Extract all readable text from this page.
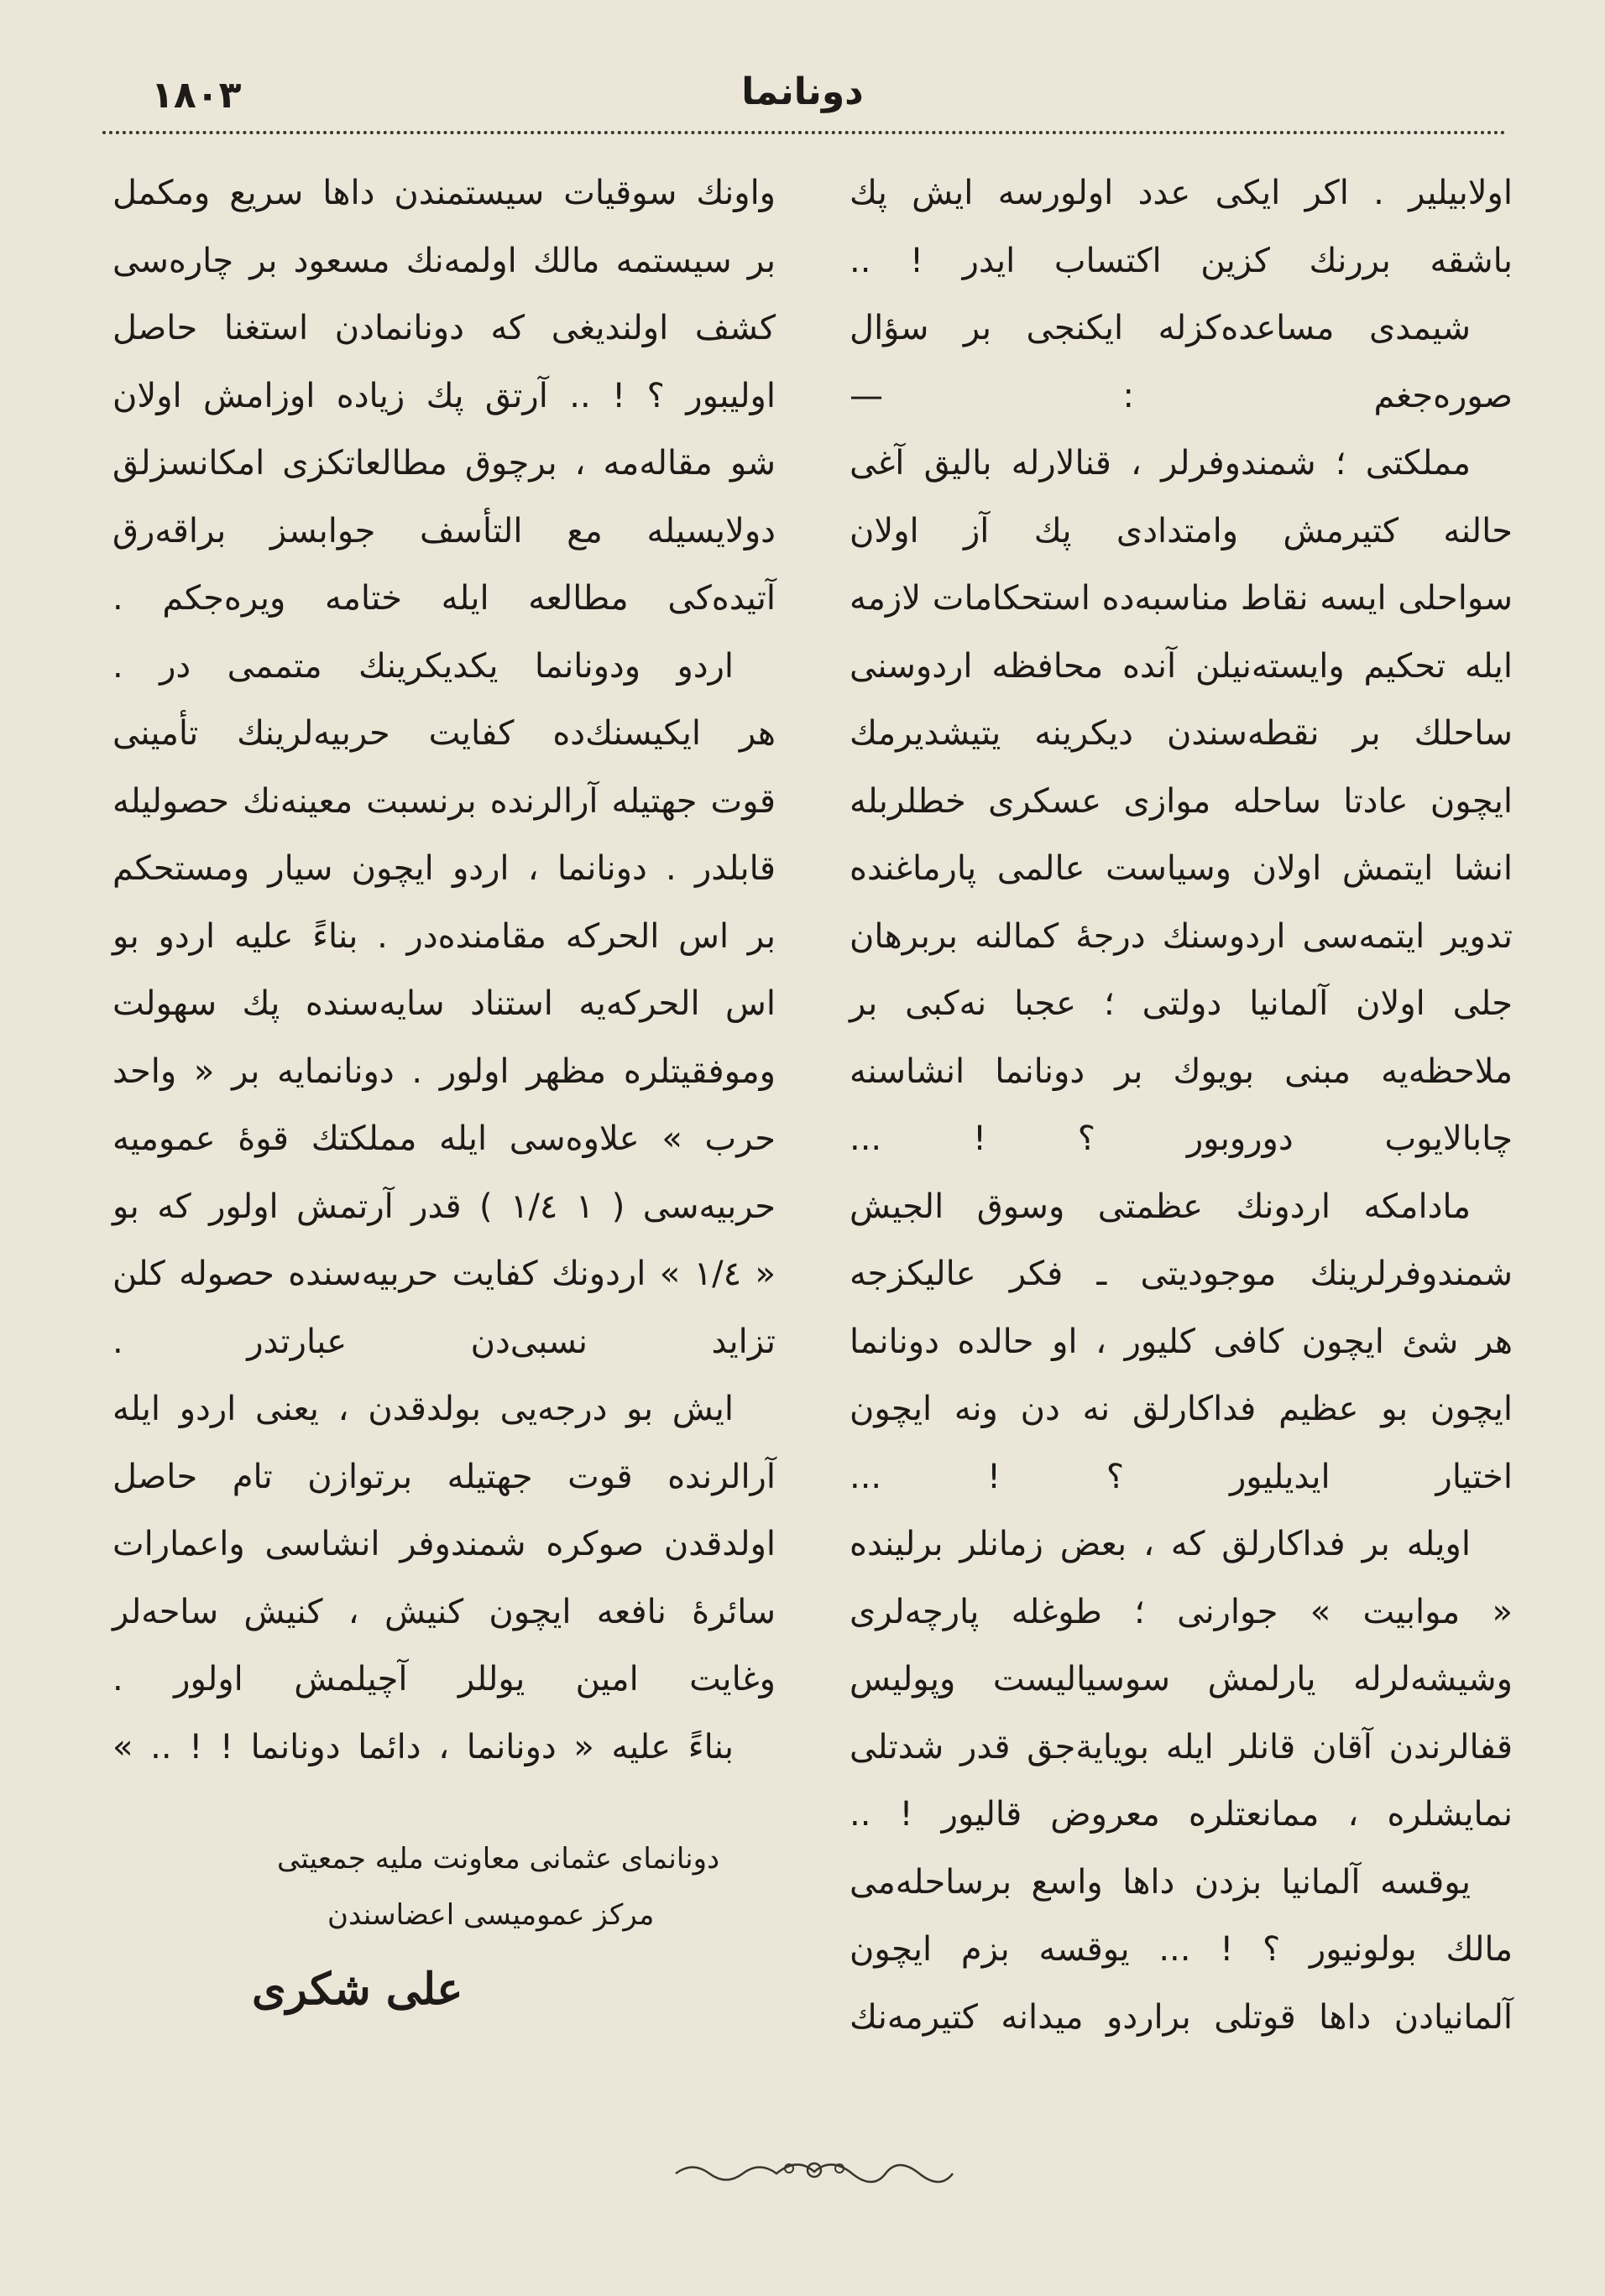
١٨٠٣	دونانما
اولابيلير . اكر ايكى عدد اولورسه ايش پك
باشقه بررنك كزين اكتساب ايدر ! ..
شيمدى مساعده‌كزله ايكنجى بر سؤال
صوره‌جغم : —
مملكتى ؛ شمندوفرلر ، قنالارله باليق آغى
حالنه كتيرمش وامتدادى پك آز اولان
سواحلى ايسه نقاط مناسبه‌ده استحكامات لازمه
ايله تحكيم وايسته‌نيلن آنده محافظه اردوسنى
ساحلك بر نقطه‌سندن ديكرينه يتيشديرمك
ايچون عادتا ساحله موازى عسكرى خطلربله
انشا ايتمش اولان وسياست عالمى پارماغنده
تدوير ايتمه‌سى اردوسنك درجهٔ كمالنه بربرهان
جلى اولان آلمانيا دولتى ؛ عجبا نه‌كبى بر
ملاحظه‌يه مبنى بويوك بر دونانما انشاسنه
چابالايوب دوروبور ؟ ! ...
مادامكه اردونك عظمتى وسوق الجيش
شمندوفرلرينك موجوديتى ـ فكر عاليكزجه
هر شئ ايچون كافى كليور ، او حالده دونانما
ايچون بو عظيم فداكارلق نه دن ونه ايچون
اختيار ايديليور ؟ ! ...
اويله بر فداكارلق كه ، بعض زمانلر برلينده
« موابيت » جوارنى ؛ طوغله پارچه‌لرى
وشيشه‌لرله يارلمش سوسياليست وپوليس
قفالرندن آقان قانلر ايله بوياية‌جق قدر شدتلى
نمايشلره ، ممانعتلره معروض قاليور ! ..
يوقسه آلمانيا بزدن داها واسع برساحله‌مى
مالك بولونيور ؟ ! ... يوقسه بزم ايچون
آلمانيادن داها قوتلى براردو ميدانه كتيرمه‌نك
واونك سوقيات سيستمندن داها سريع ومكمل
بر سيستمه مالك اولمه‌نك مسعود بر چاره‌سى
كشف اولنديغى كه دونانمادن استغنا حاصل
اوليبور ؟ ! .. آرتق پك زياده اوزامش اولان
شو مقاله‌مه ، برچوق مطالعاتكزى امكانسزلق
دولايسيله مع التأسف جوابسز براقه‌رق
آتيده‌كى مطالعه ايله ختامه ويره‌جكم .
اردو ودونانما يكديكرينك متممى در .
هر ايكيسنك‌ده كفايت حربيه‌لرينك تأمينى
قوت جهتيله آرالرنده برنسبت معينه‌نك حصوليله
قابلدر . دونانما ، اردو ايچون سيار ومستحكم
بر اس الحركه مقامنده‌در . بناءً عليه اردو بو
اس الحركه‌يه استناد سايه‌سنده پك سهولت
وموفقيتلره مظهر اولور . دونانمايه بر « واحد
حرب » علاوه‌سى ايله مملكتك قوهٔ عموميه
حربيه‌سى ( ١ ١/٤ ) قدر آرتمش اولور كه بو
« ١/٤ » اردونك كفايت حربيه‌سنده حصوله كلن
تزايد نسبى‌دن عبارتدر .
ايش بو درجه‌يى بولدقدن ، يعنى اردو ايله
آرالرنده قوت جهتيله برتوازن تام حاصل
اولدقدن صوكره شمندوفر انشاسى واعمارات
سائرهٔ نافعه ايچون كنيش ، كنيش ساحه‌لر
وغايت امين يوللر آچيلمش اولور .
بناءً عليه « دونانما ، دائما دونانما ! ! .. »
دونانماى عثمانى معاونت مليه جمعيتى
مركز عموميسى اعضاسندن
على شكرى
